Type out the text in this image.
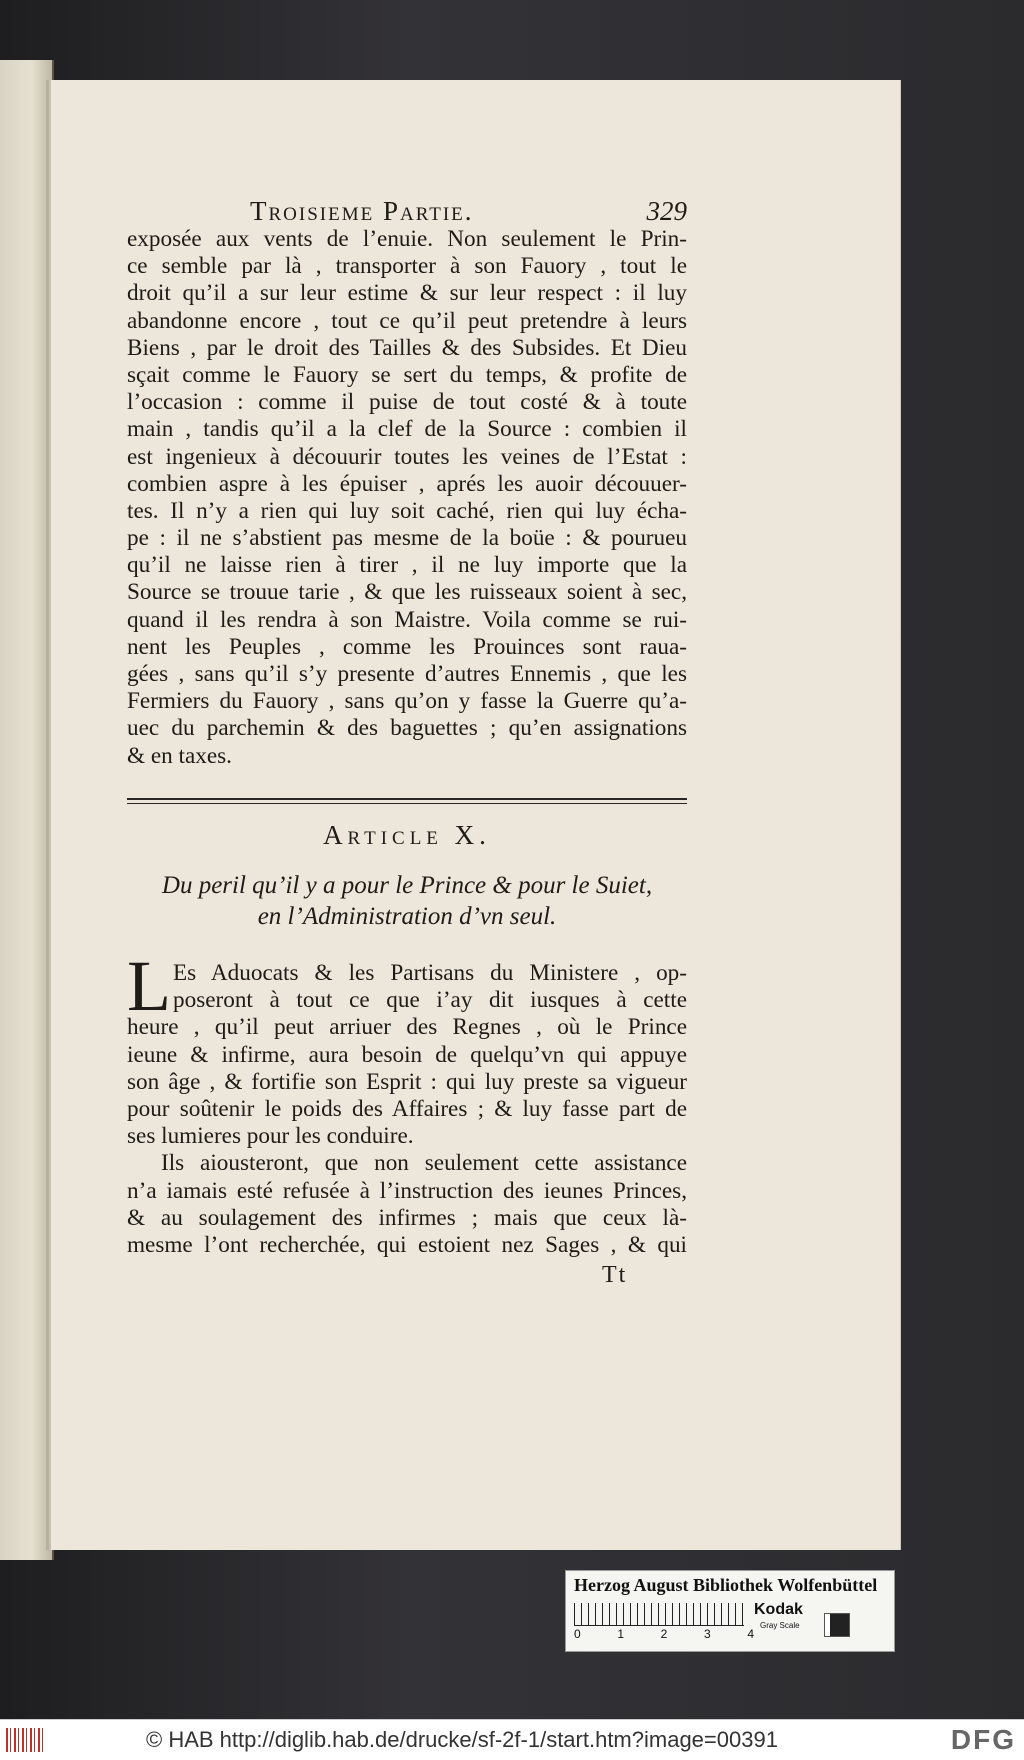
Troisieme Partie.	329
exposée aux vents de l’enuie. Non seulement le Prin-
ce semble par là , transporter à son Fauory , tout le
droit qu’il a sur leur estime & sur leur respect : il luy
abandonne encore , tout ce qu’il peut pretendre à leurs
Biens , par le droit des Tailles & des Subsides. Et Dieu
sçait comme le Fauory se sert du temps, & profite de
l’occasion : comme il puise de tout costé & à toute
main , tandis qu’il a la clef de la Source : combien il
est ingenieux à découurir toutes les veines de l’Estat :
combien aspre à les épuiser , aprés les auoir découuer-
tes. Il n’y a rien qui luy soit caché, rien qui luy écha-
pe : il ne s’abstient pas mesme de la boüe : & pourueu
qu’il ne laisse rien à tirer , il ne luy importe que la
Source se trouue tarie , & que les ruisseaux soient à sec,
quand il les rendra à son Maistre. Voila comme se rui-
nent les Peuples , comme les Prouinces sont raua-
gées , sans qu’il s’y presente d’autres Ennemis , que les
Fermiers du Fauory , sans qu’on y fasse la Guerre qu’a-
uec du parchemin & des baguettes ; qu’en assignations
& en taxes.
Article X.
Du peril qu’il y a pour le Prince & pour le Suiet,
en l’Administration d’vn seul.
L Es Aduocats & les Partisans du Ministere , op-
poseront à tout ce que i’ay dit iusques à cette
heure , qu’il peut arriuer des Regnes , où le Prince
ieune & infirme, aura besoin de quelqu’vn qui appuye
son âge , & fortifie son Esprit : qui luy preste sa vigueur
pour soûtenir le poids des Affaires ; & luy fasse part de
ses lumieres pour les conduire.
Ils aiousteront, que non seulement cette assistance
n’a iamais esté refusée à l’instruction des ieunes Princes,
& au soulagement des infirmes ; mais que ceux là-
mesme l’ont recherchée, qui estoient nez Sages , & qui
Tt
Herzog August Bibliothek Wolfenbüttel
0	1	2	3	4
Kodak
Gray Scale
© HAB http://diglib.hab.de/drucke/sf-2f-1/start.htm?image=00391	DFG
